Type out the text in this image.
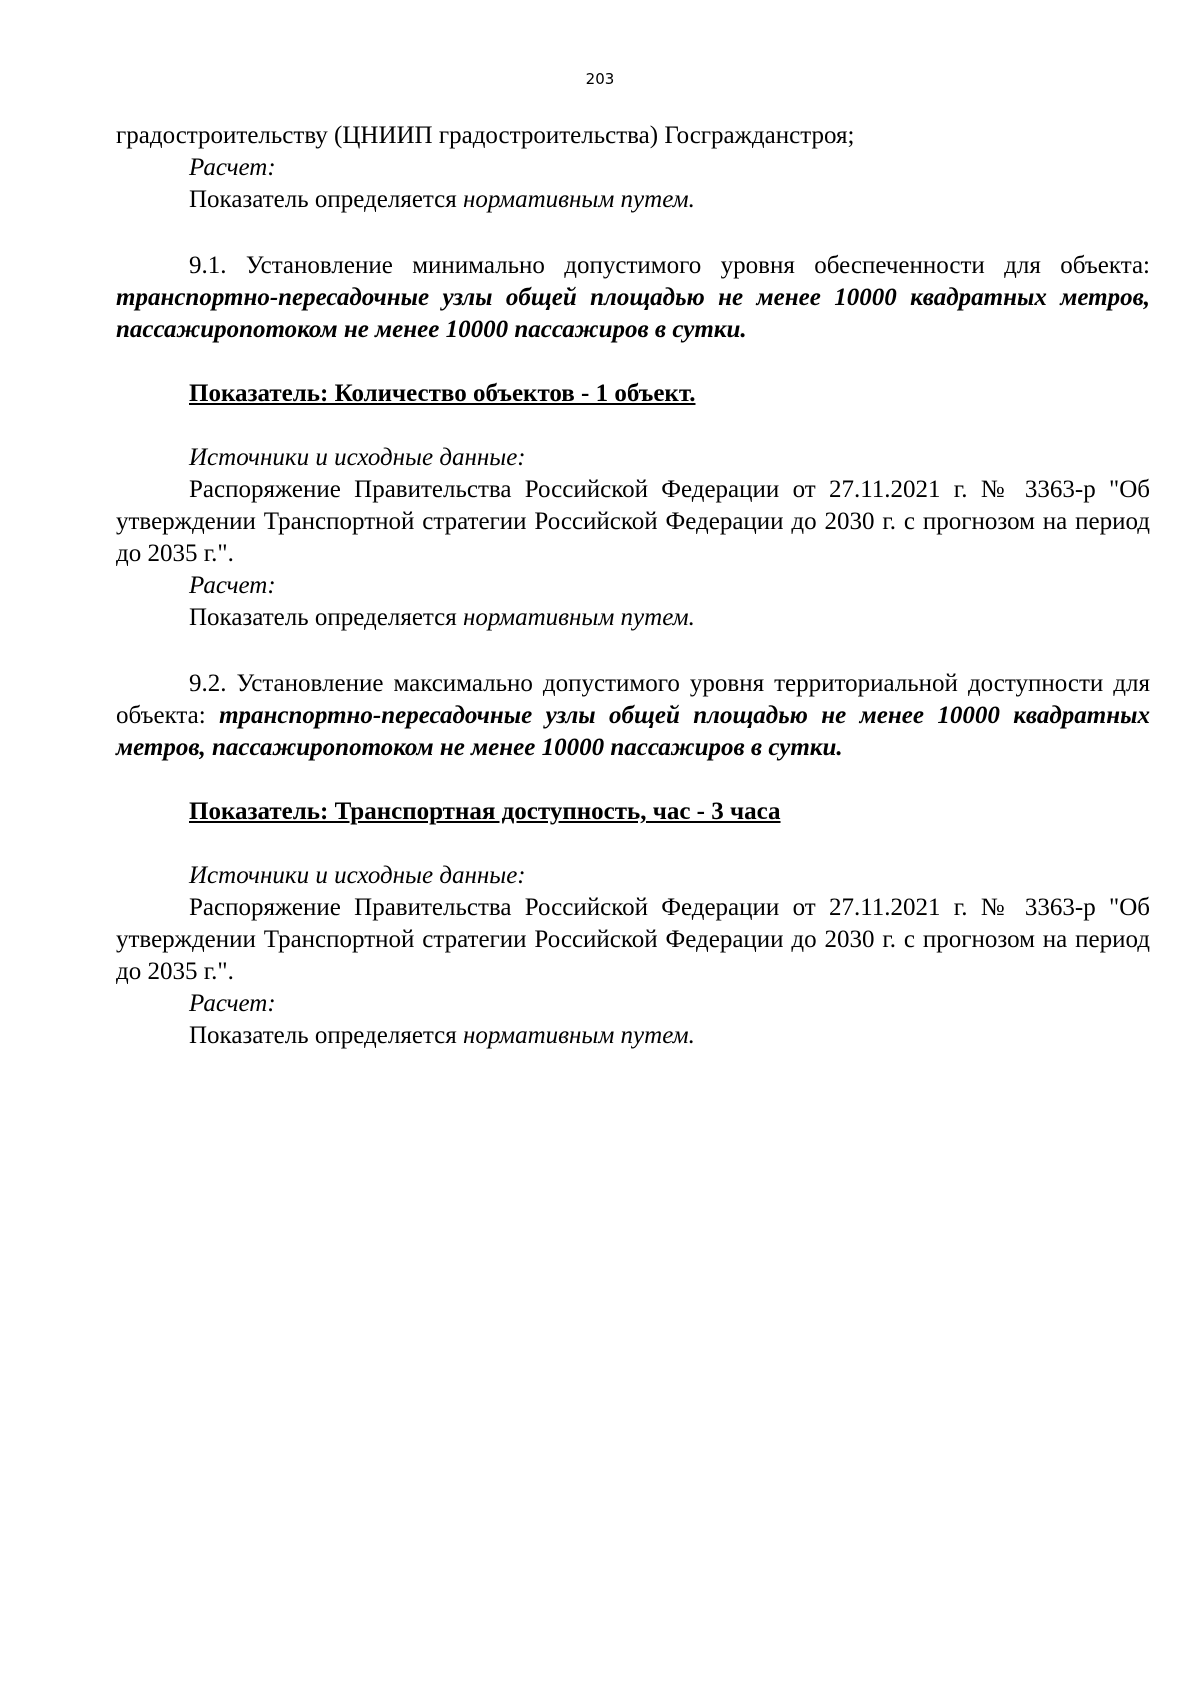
203

градостроительству (ЦНИИП градостроительства) Госгражданстроя;

Расчет:

Показатель определяется нормативным путем.

9.1. Установление минимально допустимого уровня обеспеченности для объекта: транспортно-пересадочные узлы общей площадью не менее 10000 квадратных метров, пассажиропотоком не менее 10000 пассажиров в сутки.

Показатель: Количество объектов - 1 объект.

Источники и исходные данные:

Распоряжение Правительства Российской Федерации от 27.11.2021 г. № 3363-р "Об утверждении Транспортной стратегии Российской Федерации до 2030 г. с прогнозом на период до 2035 г.".

Расчет:

Показатель определяется нормативным путем.

9.2. Установление максимально допустимого уровня территориальной доступности для объекта: транспортно-пересадочные узлы общей площадью не менее 10000 квадратных метров, пассажиропотоком не менее 10000 пассажиров в сутки.

Показатель: Транспортная доступность, час - 3 часа

Источники и исходные данные:

Распоряжение Правительства Российской Федерации от 27.11.2021 г. № 3363-р "Об утверждении Транспортной стратегии Российской Федерации до 2030 г. с прогнозом на период до 2035 г.".

Расчет:

Показатель определяется нормативным путем.
